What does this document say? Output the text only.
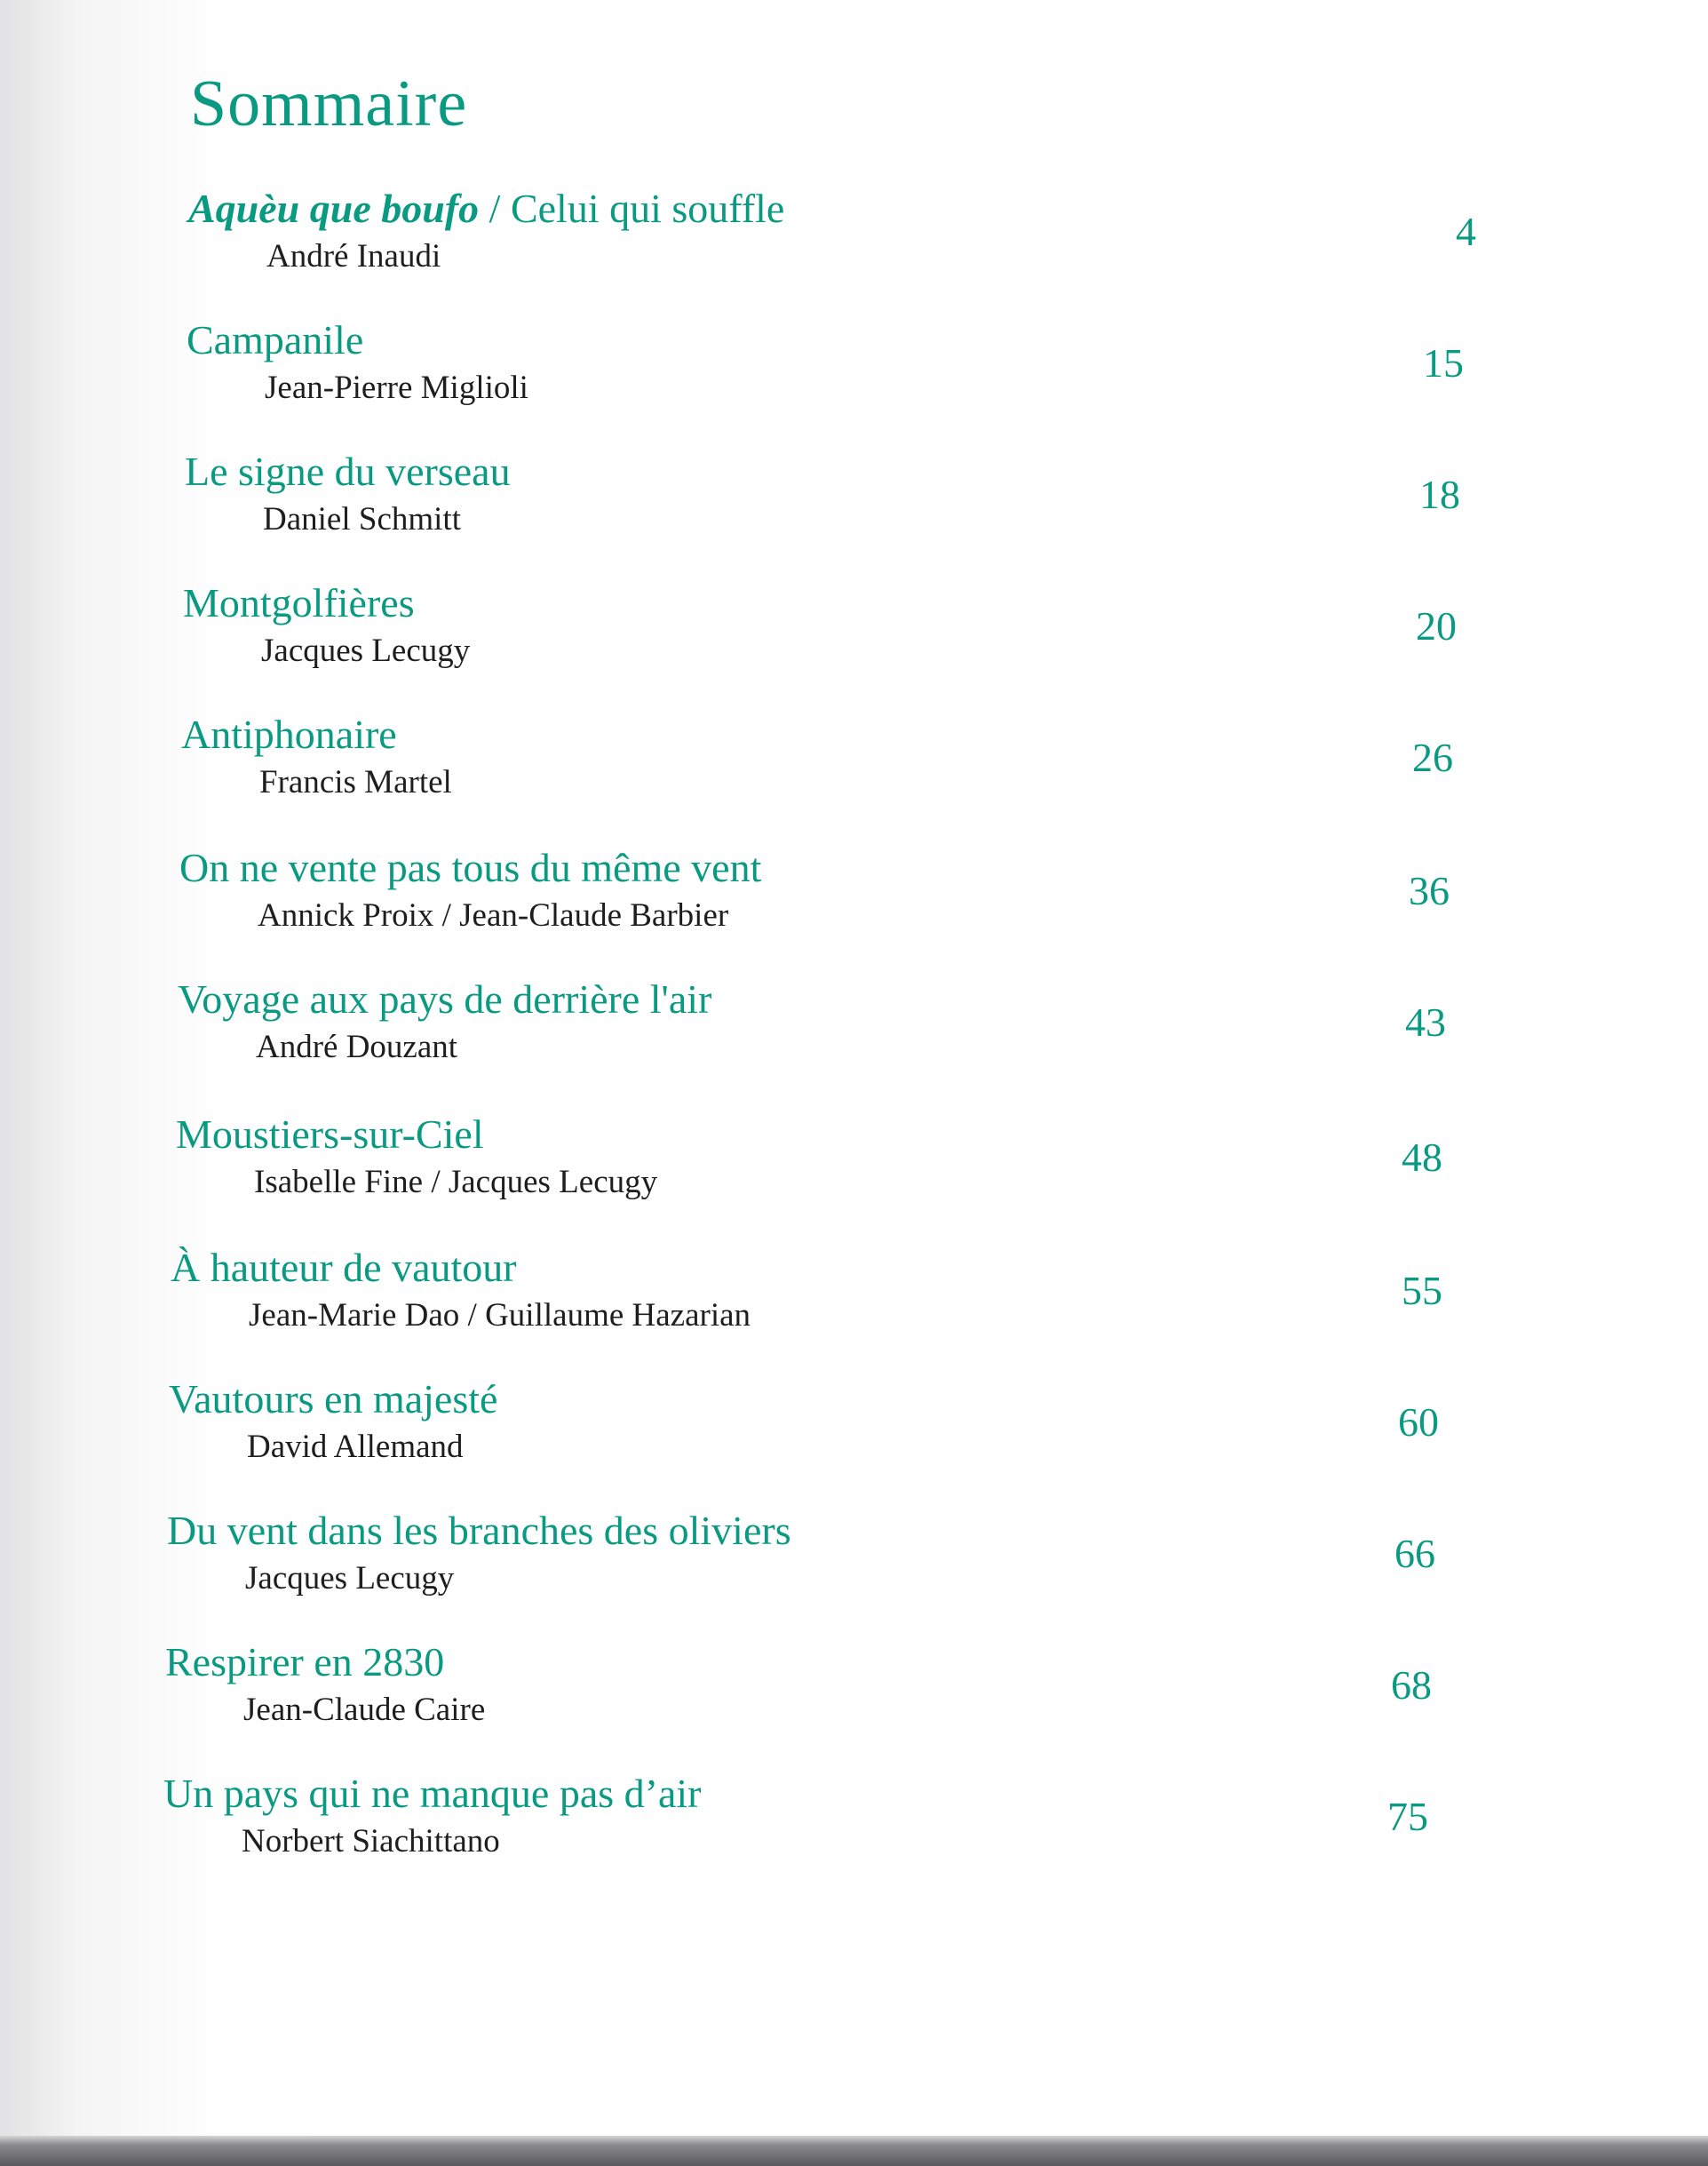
Sommaire
Aquèu que boufo / Celui qui souffle
André Inaudi
4
Campanile
Jean-Pierre Miglioli
15
Le signe du verseau
Daniel Schmitt
18
Montgolfières
Jacques Lecugy
20
Antiphonaire
Francis Martel
26
On ne vente pas tous du même vent
Annick Proix / Jean-Claude Barbier
36
Voyage aux pays de derrière l'air
André Douzant
43
Moustiers-sur-Ciel
Isabelle Fine / Jacques Lecugy
48
À hauteur de vautour
Jean-Marie Dao / Guillaume Hazarian
55
Vautours en majesté
David Allemand
60
Du vent dans les branches des oliviers
Jacques Lecugy
66
Respirer en 2830
Jean-Claude Caire
68
Un pays qui ne manque pas d’air
Norbert Siachittano
75
